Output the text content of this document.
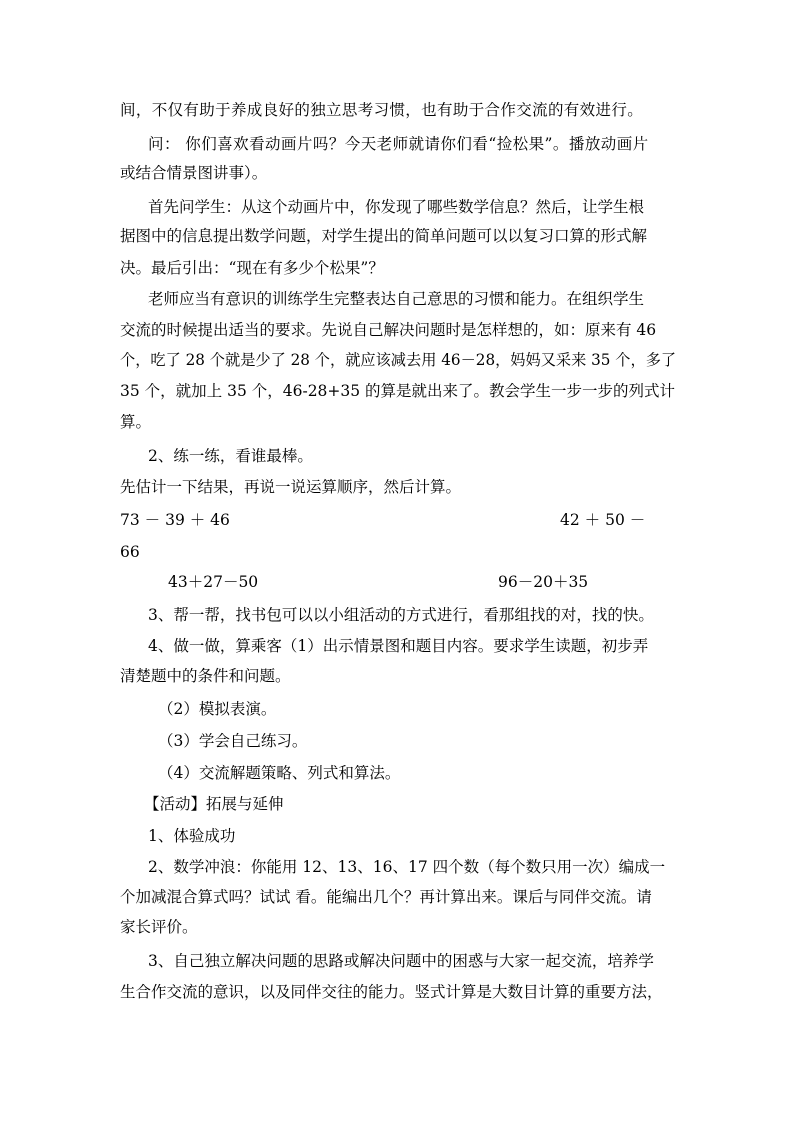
间，不仅有助于养成良好的独立思考习惯，也有助于合作交流的有效进行。

问： 你们喜欢看动画片吗？今天老师就请你们看“捡松果”。播放动画片

或结合情景图讲事）。

首先问学生：从这个动画片中，你发现了哪些数学信息？然后，让学生根

据图中的信息提出数学问题，对学生提出的简单问题可以以复习口算的形式解

决。最后引出：“现在有多少个松果”？

老师应当有意识的训练学生完整表达自己意思的习惯和能力。在组织学生

交流的时候提出适当的要求。先说自己解决问题时是怎样想的，如：原来有 46

个，吃了 28 个就是少了 28 个，就应该减去用 46－28，妈妈又采来 35 个，多了

35 个，就加上 35 个，46-28+35 的算是就出来了。教会学生一步一步的列式计

算。

2、练一练，看谁最棒。

先估计一下结果，再说一说运算顺序，然后计算。

73 － 39 ＋ 46	42 ＋ 50 －

66

43＋27－50	96－20＋35

3、帮一帮，找书包可以以小组活动的方式进行，看那组找的对，找的快。

4、做一做，算乘客（1）出示情景图和题目内容。要求学生读题，初步弄

清楚题中的条件和问题。

（2）模拟表演。

（3）学会自己练习。

（4）交流解题策略、列式和算法。

【活动】拓展与延伸

1、体验成功

2、数学冲浪：你能用 12、13、16、17 四个数（每个数只用一次）编成一

个加减混合算式吗？试试 看。能编出几个？再计算出来。课后与同伴交流。请

家长评价。

3、自己独立解决问题的思路或解决问题中的困惑与大家一起交流，培养学

生合作交流的意识，以及同伴交往的能力。竖式计算是大数目计算的重要方法，
